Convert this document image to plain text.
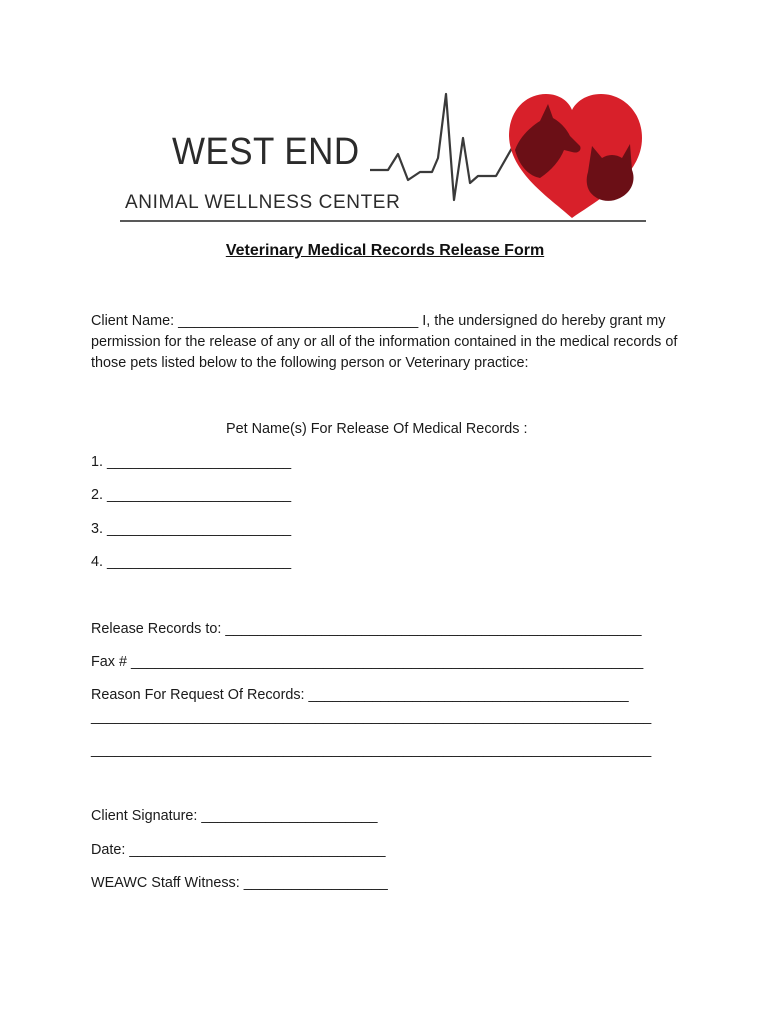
WEST END
ANIMAL WELLNESS CENTER
Veterinary Medical Records Release Form
Client Name: ______________________________ I, the undersigned do hereby grant my permission for the release of any or all of the information contained in the medical records of those pets listed below to the following person or Veterinary practice:
Pet Name(s) For Release Of Medical Records :
1. _______________________
2. _______________________
3. _______________________
4. _______________________
Release Records to: ____________________________________________________
Fax # ________________________________________________________________
Reason For Request Of Records: ________________________________________
______________________________________________________________________
______________________________________________________________________
Client Signature: ______________________
Date: ________________________________
WEAWC Staff Witness: __________________
